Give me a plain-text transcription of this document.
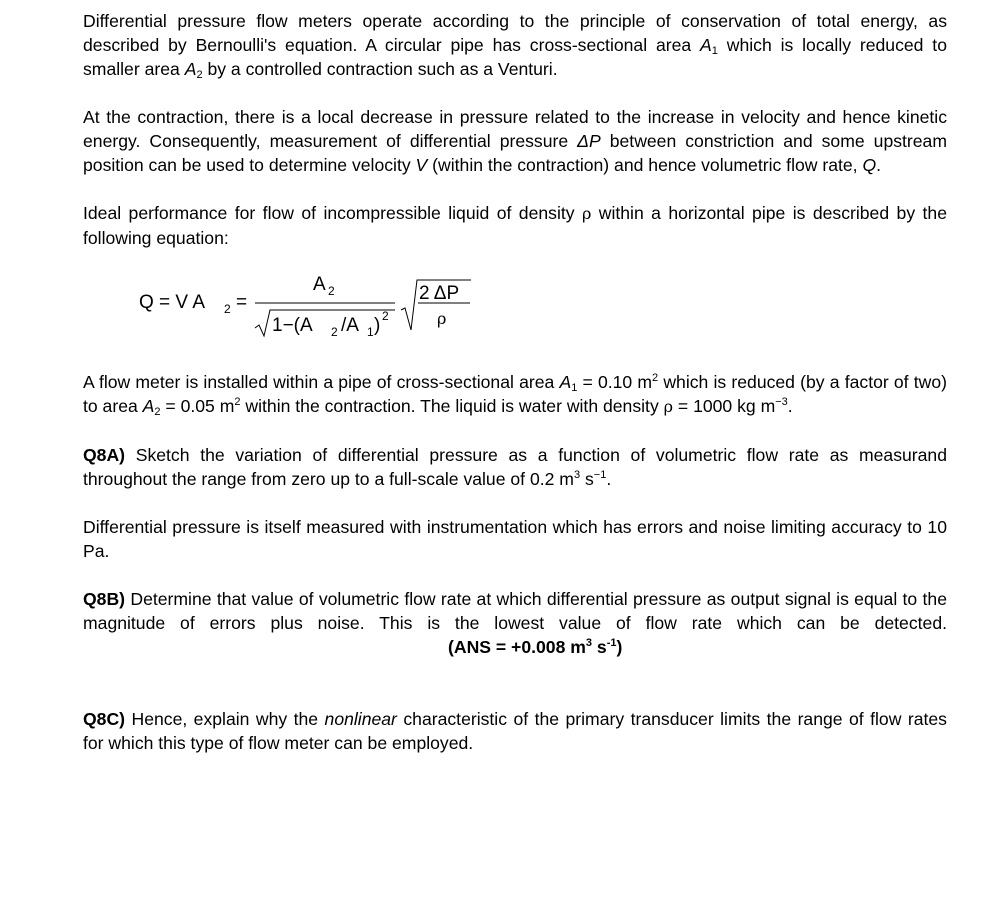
Differential pressure flow meters operate according to the principle of conservation of total energy, as described by Bernoulli's equation. A circular pipe has cross-sectional area $A_1$ which is locally reduced to smaller area $A_2$ by a controlled contraction such as a Venturi.

At the contraction, there is a local decrease in pressure related to the increase in velocity and hence kinetic energy. Consequently, measurement of differential pressure ΔP between constriction and some upstream position can be used to determine velocity V (within the contraction) and hence volumetric flow rate, Q.

Ideal performance for flow of incompressible liquid of density ρ within a horizontal pipe is described by the following equation:

Q = V A 2 =
A 2
1−(A 2 /A 1 ) 2
2 ΔP
ρ

A flow meter is installed within a pipe of cross-sectional area $A_1 = 0.10$ $m^2$ which is reduced (by a factor of two) to area $A_2 = 0.05$ $m^2$ within the contraction. The liquid is water with density ρ = 1000 kg $m^{-3}$.

Q8A) Sketch the variation of differential pressure as a function of volumetric flow rate as measurand throughout the range from zero up to a full-scale value of 0.2 $m^3$ $s^{-1}$.

Differential pressure is itself measured with instrumentation which has errors and noise limiting accuracy to 10 Pa.

Q8B) Determine that value of volumetric flow rate at which differential pressure as output signal is equal to the magnitude of errors plus noise. This is the lowest value of flow rate which can be detected.(ANS = +0.008 $m^3$ $s^{-1}$)

Q8C) Hence, explain why the nonlinear characteristic of the primary transducer limits the range of flow rates for which this type of flow meter can be employed.
